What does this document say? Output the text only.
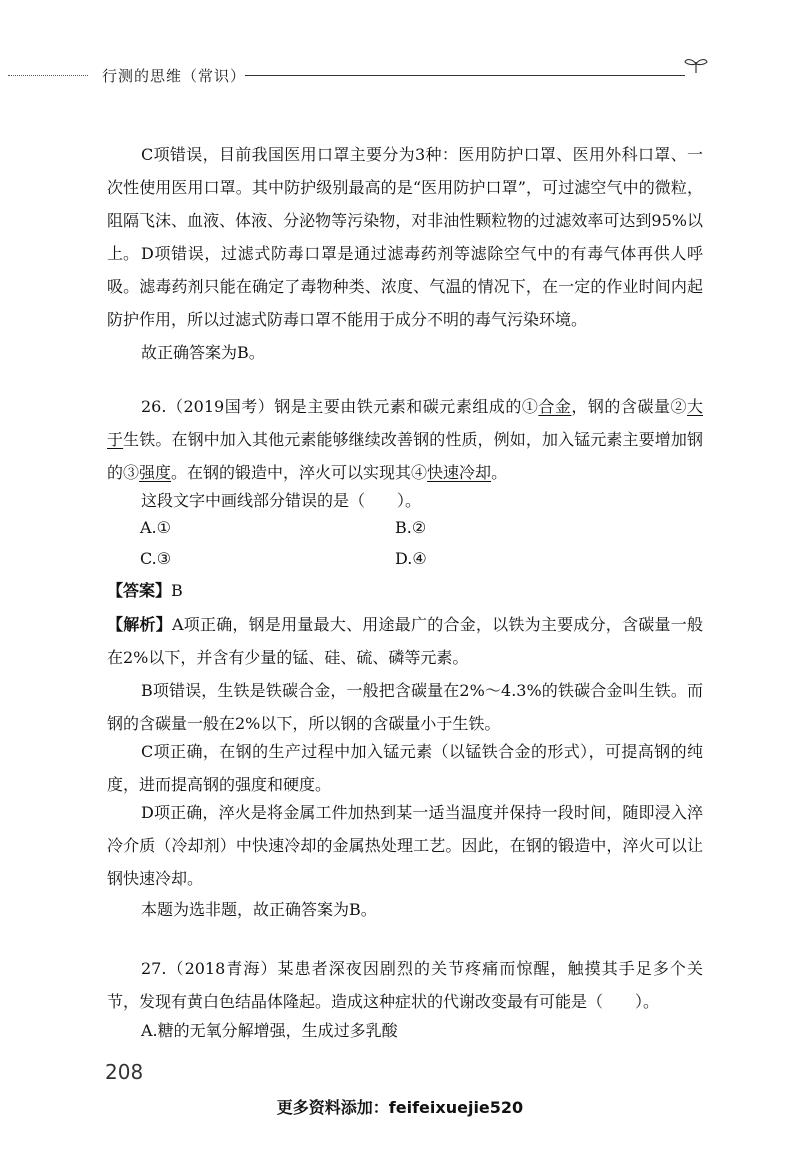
行测的思维（常识）

C项错误，目前我国医用口罩主要分为3种：医用防护口罩、医用外科口罩、一次性使用医用口罩。其中防护级别最高的是“医用防护口罩”，可过滤空气中的微粒，阻隔飞沫、血液、体液、分泌物等污染物，对非油性颗粒物的过滤效率可达到95%以上。 D项错误，过滤式防毒口罩是通过滤毒药剂等滤除空气中的有毒气体再供人呼吸。滤毒药剂只能在确定了毒物种类、浓度、气温的情况下，在一定的作业时间内起防护作用，所以过滤式防毒口罩不能用于成分不明的毒气污染环境。

故正确答案为B。

26.（2019国考）钢是主要由铁元素和碳元素组成的①合金，钢的含碳量②大于生铁。在钢中加入其他元素能够继续改善钢的性质，例如，加入锰元素主要增加钢的③强度。在钢的锻造中，淬火可以实现其④快速冷却。

这段文字中画线部分错误的是（　　）。

A.①	B.②
C.③	D.④
【答案】B

【解析】A项正确，钢是用量最大、用途最广的合金，以铁为主要成分，含碳量一般在2%以下，并含有少量的锰、硅、硫、磷等元素。

B项错误，生铁是铁碳合金，一般把含碳量在2%～4.3%的铁碳合金叫生铁。而钢的含碳量一般在2%以下，所以钢的含碳量小于生铁。

C项正确，在钢的生产过程中加入锰元素（以锰铁合金的形式），可提高钢的纯度，进而提高钢的强度和硬度。

D项正确，淬火是将金属工件加热到某一适当温度并保持一段时间，随即浸入淬冷介质（冷却剂）中快速冷却的金属热处理工艺。因此，在钢的锻造中，淬火可以让钢快速冷却。

本题为选非题，故正确答案为B。

27.（2018青海）某患者深夜因剧烈的关节疼痛而惊醒，触摸其手足多个关节，发现有黄白色结晶体隆起。造成这种症状的代谢改变最有可能是（　　）。

A.糖的无氧分解增强，生成过多乳酸

208
更多资料添加：feifeixuejie520
